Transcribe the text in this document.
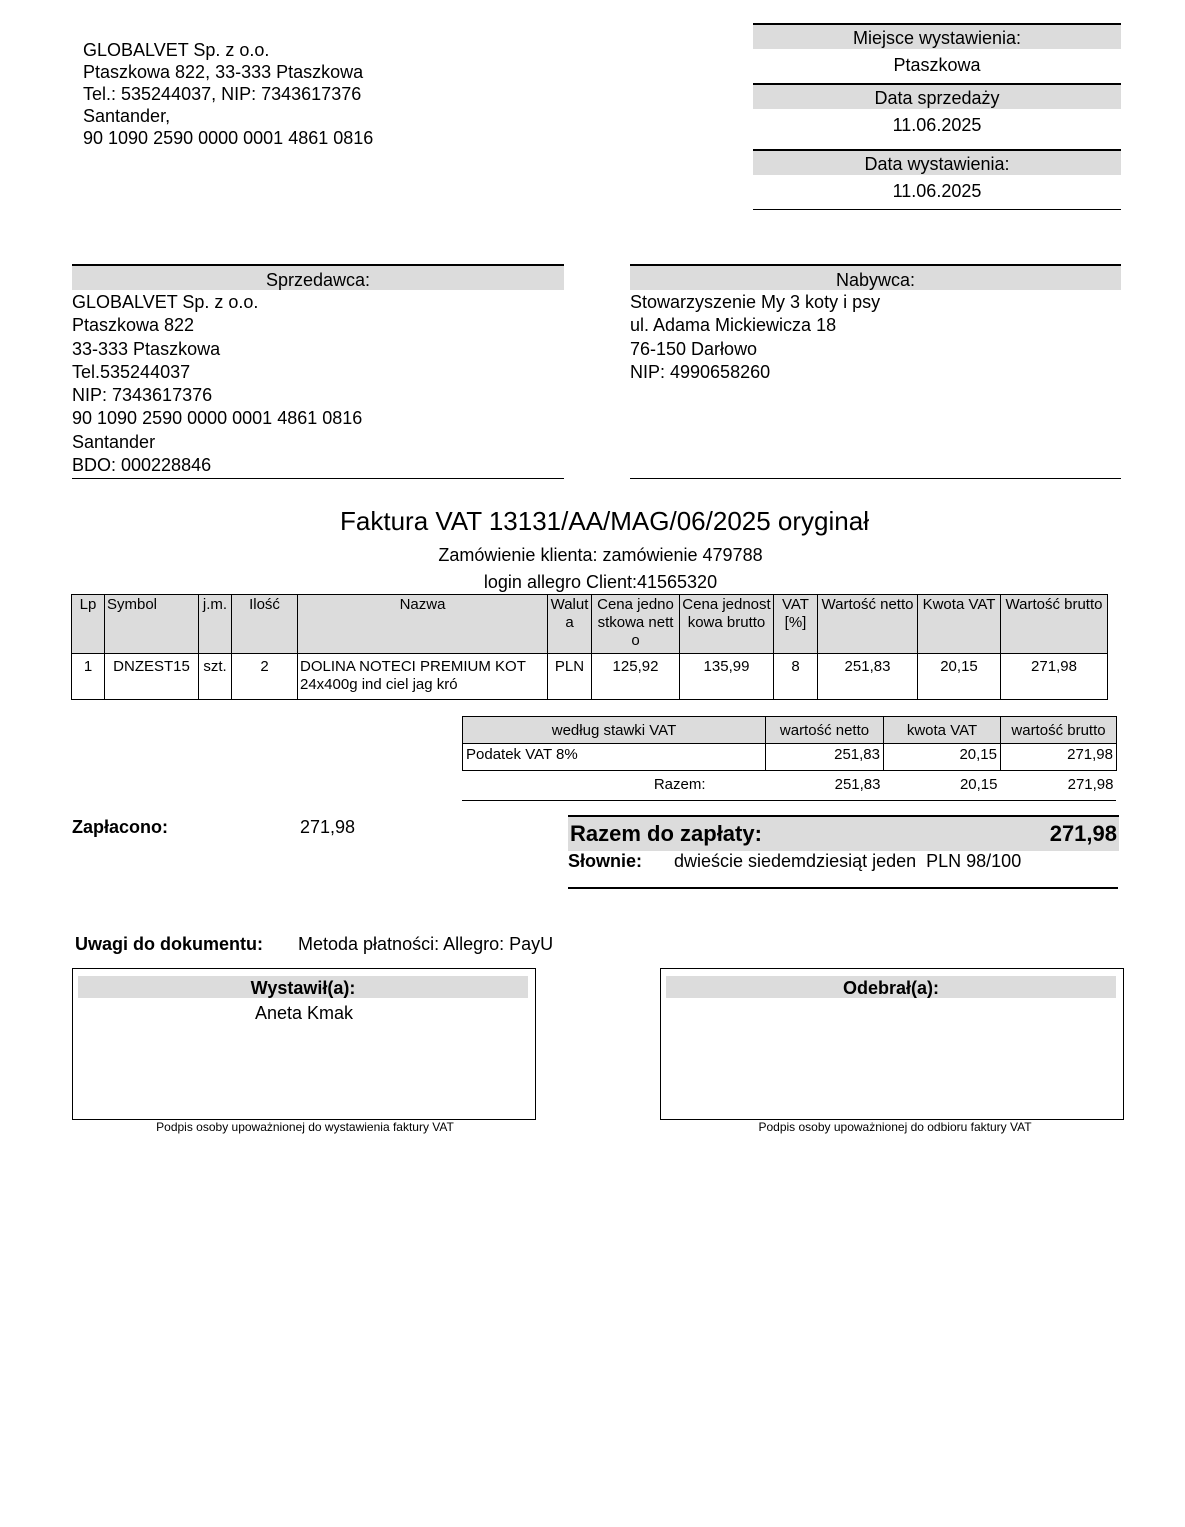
GLOBALVET Sp. z o.o.
Ptaszkowa 822, 33-333 Ptaszkowa
Tel.: 535244037, NIP: 7343617376
Santander,
90 1090 2590 0000 0001 4861 0816
Miejsce wystawienia:
Ptaszkowa
Data sprzedaży
11.06.2025
Data wystawienia:
11.06.2025
Sprzedawca:
GLOBALVET Sp. z o.o.
Ptaszkowa 822
33-333 Ptaszkowa
Tel.535244037
NIP: 7343617376
90 1090 2590 0000 0001 4861 0816
Santander
BDO: 000228846
Nabywca:
Stowarzyszenie My 3 koty i psy
ul. Adama Mickiewicza 18
76-150 Darłowo
NIP: 4990658260
Faktura VAT 13131/AA/MAG/06/2025 oryginał
Zamówienie klienta: zamówienie 479788
login allegro Client:41565320
Lp	Symbol	j.m.	Ilość	Nazwa	Waluta	Cena jednostkowa netto	Cena jednostkowa brutto	VAT [%]	Wartość netto	Kwota VAT	Wartość brutto
1	DNZEST15	szt.	2	DOLINA NOTECI PREMIUM KOT 24x400g ind ciel jag kró	PLN	125,92	135,99	8	251,83	20,15	271,98
według stawki VAT	wartość netto	kwota VAT	wartość brutto
Podatek VAT 8%	251,83	20,15	271,98
Razem:	251,83	20,15	271,98
Zapłacono:	271,98	Razem do zapłaty:	271,98
Słownie: dwieście siedemdziesiąt jeden  PLN 98/100
Uwagi do dokumentu: Metoda płatności: Allegro: PayU
Wystawił(a):
Aneta Kmak
Podpis osoby upoważnionej do wystawienia faktury VAT
Odebrał(a):
Podpis osoby upoważnionej do odbioru faktury VAT
